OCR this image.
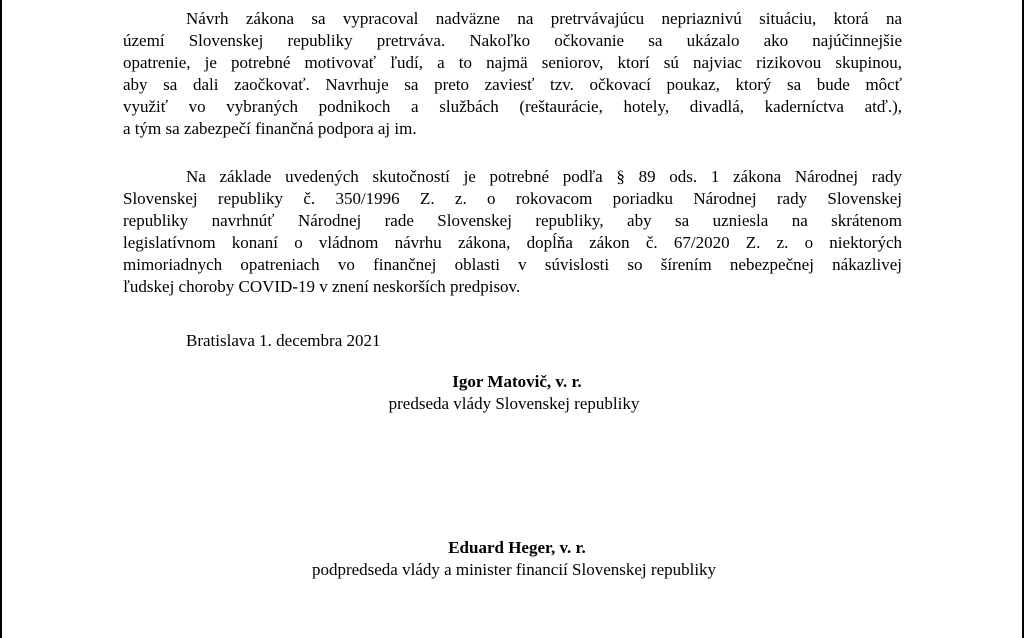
Návrh zákona sa vypracoval nadväzne na pretrvávajúcu nepriaznivú situáciu, ktorá na
území Slovenskej republiky pretrváva. Nakoľko očkovanie sa ukázalo ako najúčinnejšie
opatrenie, je potrebné motivovať ľudí, a to najmä seniorov, ktorí sú najviac rizikovou skupinou,
aby sa dali zaočkovať. Navrhuje sa preto zaviesť tzv. očkovací poukaz, ktorý sa bude môcť
využiť vo vybraných podnikoch a službách (reštaurácie, hotely, divadlá, kaderníctva atď.),
a tým sa zabezpečí finančná podpora aj im.

Na základe uvedených skutočností je potrebné podľa § 89 ods. 1 zákona Národnej rady
Slovenskej republiky č. 350/1996 Z. z. o rokovacom poriadku Národnej rady Slovenskej
republiky navrhnúť Národnej rade Slovenskej republiky, aby sa uzniesla na skrátenom
legislatívnom konaní o vládnom návrhu zákona, dopĺňa zákon č. 67/2020 Z. z. o niektorých
mimoriadnych opatreniach vo finančnej oblasti v súvislosti so šírením nebezpečnej nákazlivej
ľudskej choroby COVID-19 v znení neskorších predpisov.

Bratislava 1. decembra 2021

Igor Matovič, v. r.
predseda vlády Slovenskej republiky
Eduard Heger, v. r.
podpredseda vlády a minister financií Slovenskej republiky
